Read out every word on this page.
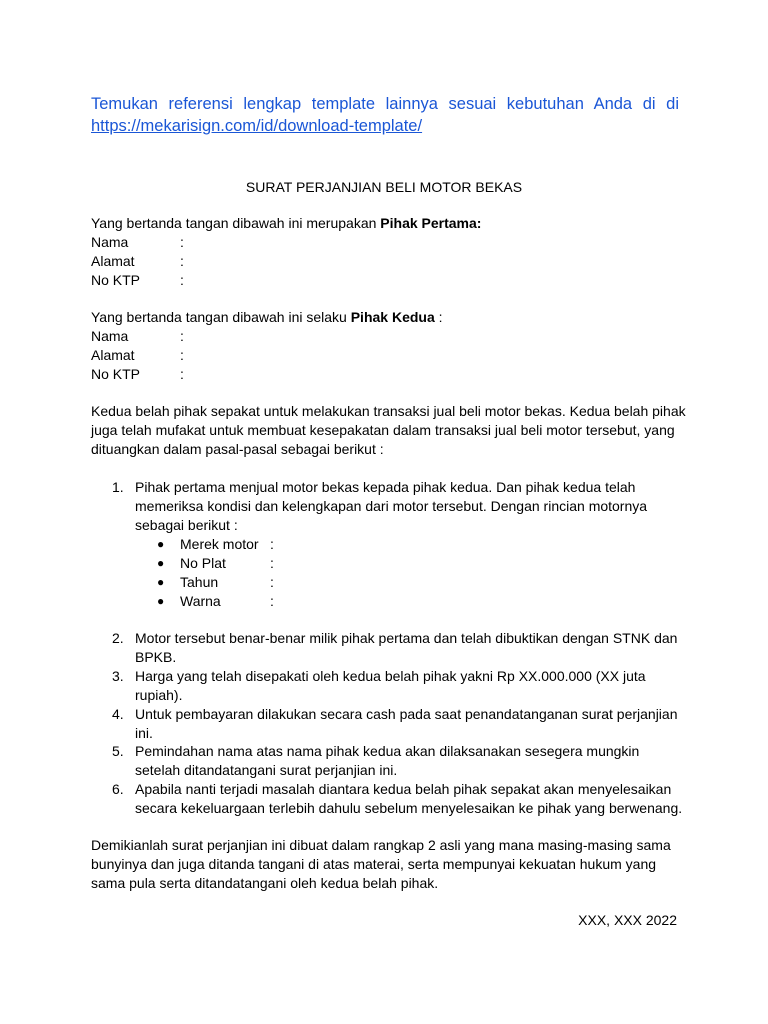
Temukan referensi lengkap template lainnya sesuai kebutuhan Anda di di
https://mekarisign.com/id/download-template/
SURAT PERJANJIAN BELI MOTOR BEKAS
Yang bertanda tangan dibawah ini merupakan Pihak Pertama:
Nama	:
Alamat	:
No KTP	:
Yang bertanda tangan dibawah ini selaku Pihak Kedua :
Nama	:
Alamat	:
No KTP	:
Kedua belah pihak sepakat untuk melakukan transaksi jual beli motor bekas. Kedua belah pihak
juga telah mufakat untuk membuat kesepakatan dalam transaksi jual beli motor tersebut, yang
dituangkan dalam pasal-pasal sebagai berikut :
1. Pihak pertama menjual motor bekas kepada pihak kedua. Dan pihak kedua telah
memeriksa kondisi dan kelengkapan dari motor tersebut. Dengan rincian motornya
sebagai berikut :
● Merek motor :
● No Plat	:
● Tahun	:
● Warna	:
2. Motor tersebut benar-benar milik pihak pertama dan telah dibuktikan dengan STNK dan
BPKB.
3. Harga yang telah disepakati oleh kedua belah pihak yakni Rp XX.000.000 (XX juta
rupiah).
4. Untuk pembayaran dilakukan secara cash pada saat penandatanganan surat perjanjian
ini.
5. Pemindahan nama atas nama pihak kedua akan dilaksanakan sesegera mungkin
setelah ditandatangani surat perjanjian ini.
6. Apabila nanti terjadi masalah diantara kedua belah pihak sepakat akan menyelesaikan
secara kekeluargaan terlebih dahulu sebelum menyelesaikan ke pihak yang berwenang.
Demikianlah surat perjanjian ini dibuat dalam rangkap 2 asli yang mana masing-masing sama
bunyinya dan juga ditanda tangani di atas materai, serta mempunyai kekuatan hukum yang
sama pula serta ditandatangani oleh kedua belah pihak.
XXX, XXX 2022
